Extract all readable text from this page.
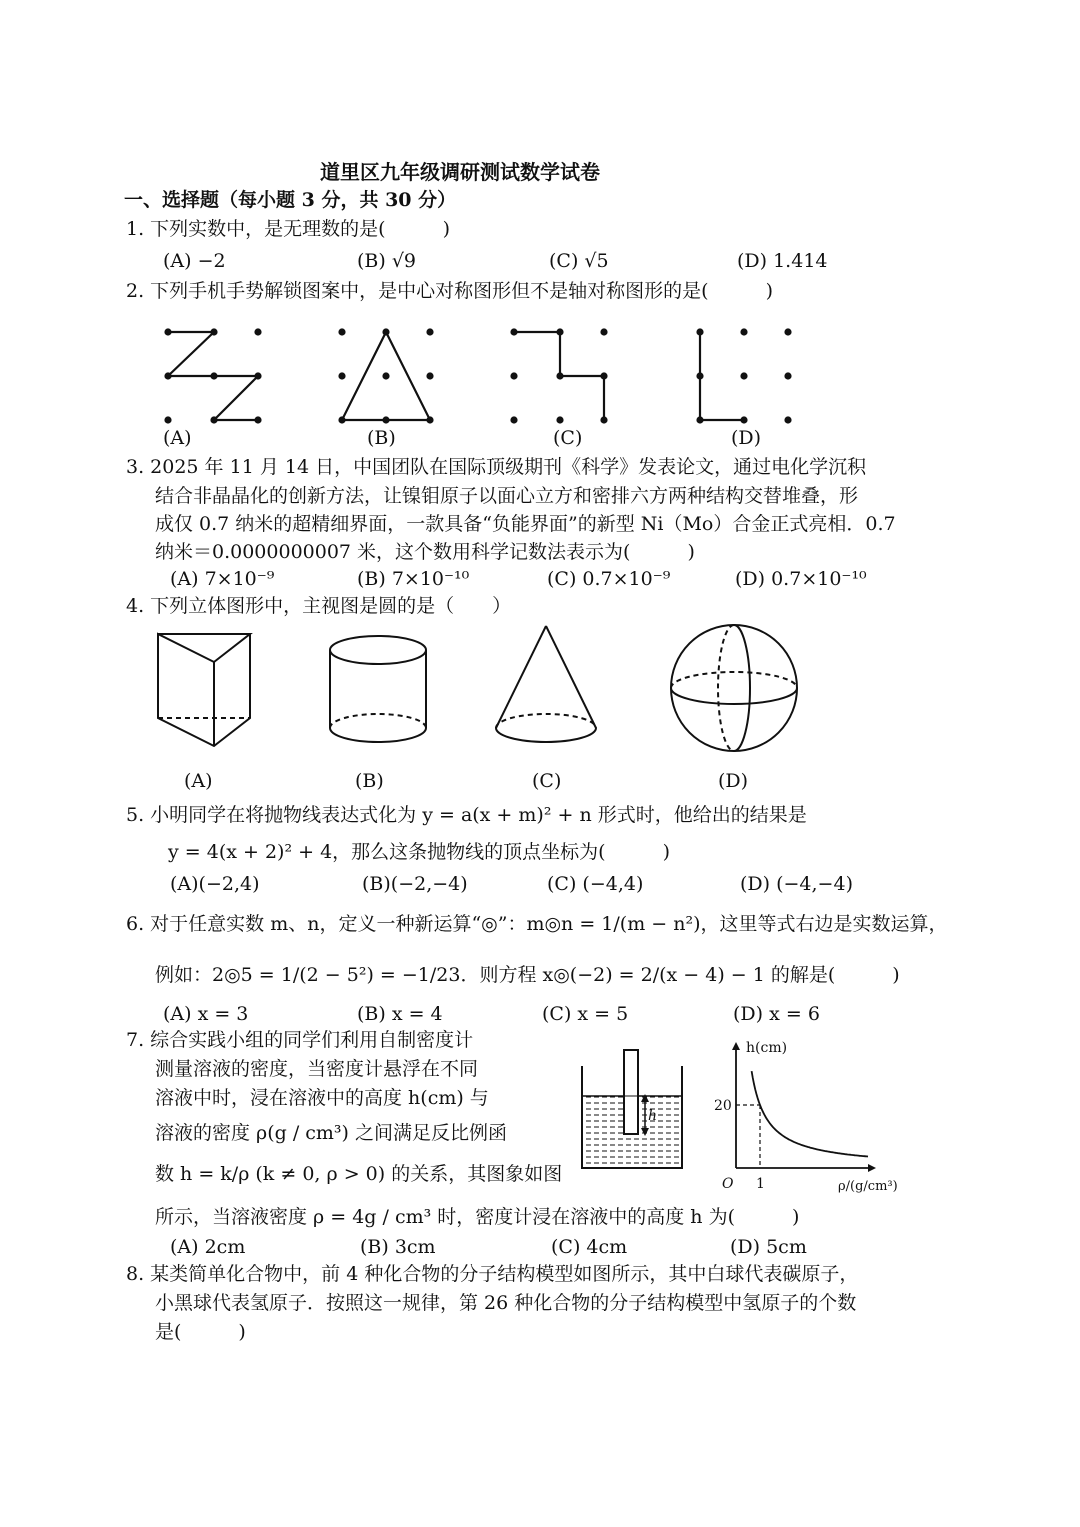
道里区九年级调研测试数学试卷
一、选择题（每小题 3 分，共 30 分）
1. 下列实数中，是无理数的是(　　　)
(A) −2	(B) √9	(C) √5	(D) 1.414
2. 下列手机手势解锁图案中，是中心对称图形但不是轴对称图形的是(　　　)
(A)	(B)	(C)	(D)
3. 2025 年 11 月 14 日，中国团队在国际顶级期刊《科学》发表论文，通过电化学沉积
结合非晶晶化的创新方法，让镍钼原子以面心立方和密排六方两种结构交替堆叠，形
成仅 0.7 纳米的超精细界面，一款具备“负能界面”的新型 Ni（Mo）合金正式亮相．0.7
纳米＝0.0000000007 米，这个数用科学记数法表示为(　　　)
(A) 7×10⁻⁹	(B) 7×10⁻¹⁰	(C) 0.7×10⁻⁹	(D) 0.7×10⁻¹⁰
4. 下列立体图形中，主视图是圆的是（　　）
(A)	(B)	(C)	(D)
5. 小明同学在将抛物线表达式化为 y = a(x + m)² + n 形式时，他给出的结果是
y = 4(x + 2)² + 4，那么这条抛物线的顶点坐标为(　　　)
(A)(−2,4)	(B)(−2,−4)	(C) (−4,4)	(D) (−4,−4)
6. 对于任意实数 m、n，定义一种新运算“◎”：m◎n = 1/(m − n²)，这里等式右边是实数运算，
例如：2◎5 = 1/(2 − 5²) = −1/23．则方程 x◎(−2) = 2/(x − 4) − 1 的解是(　　　)
(A) x = 3	(B) x = 4	(C) x = 5	(D) x = 6
7. 综合实践小组的同学们利用自制密度计
测量溶液的密度，当密度计悬浮在不同
溶液中时，浸在溶液中的高度 h(cm) 与
溶液的密度 ρ(g / cm³) 之间满足反比例函
数 h = k/ρ (k ≠ 0, ρ > 0) 的关系，其图象如图
所示，当溶液密度 ρ = 4g / cm³ 时，密度计浸在溶液中的高度 h 为(　　　)
(A) 2cm	(B) 3cm	(C) 4cm	(D) 5cm
h
h(cm)
ρ/(g/cm³)
O 1
20
8. 某类简单化合物中，前 4 种化合物的分子结构模型如图所示，其中白球代表碳原子，
小黑球代表氢原子．按照这一规律，第 26 种化合物的分子结构模型中氢原子的个数
是(　　　)
